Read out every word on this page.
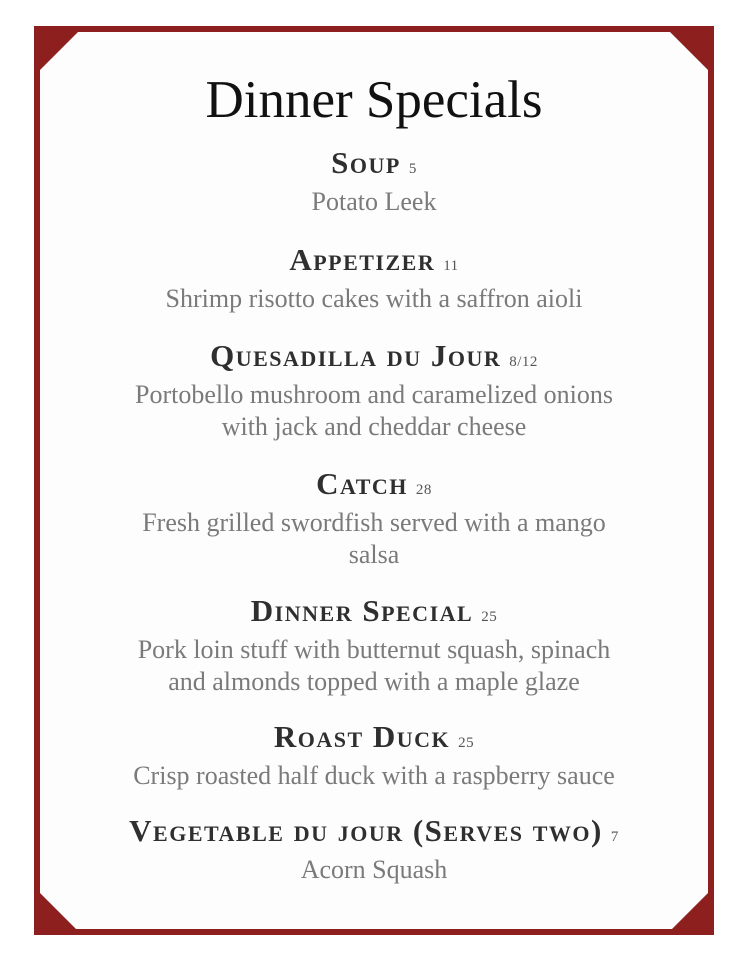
Dinner Specials
Soup 5
Potato Leek
Appetizer 11
Shrimp risotto cakes with a saffron aioli
Quesadilla du Jour 8/12
Portobello mushroom and caramelized onions
with jack and cheddar cheese
Catch 28
Fresh grilled swordfish served with a mango
salsa
Dinner Special 25
Pork loin stuff with butternut squash, spinach
and almonds topped with a maple glaze
Roast Duck 25
Crisp roasted half duck with a raspberry sauce
Vegetable du jour (Serves two) 7
Acorn Squash
